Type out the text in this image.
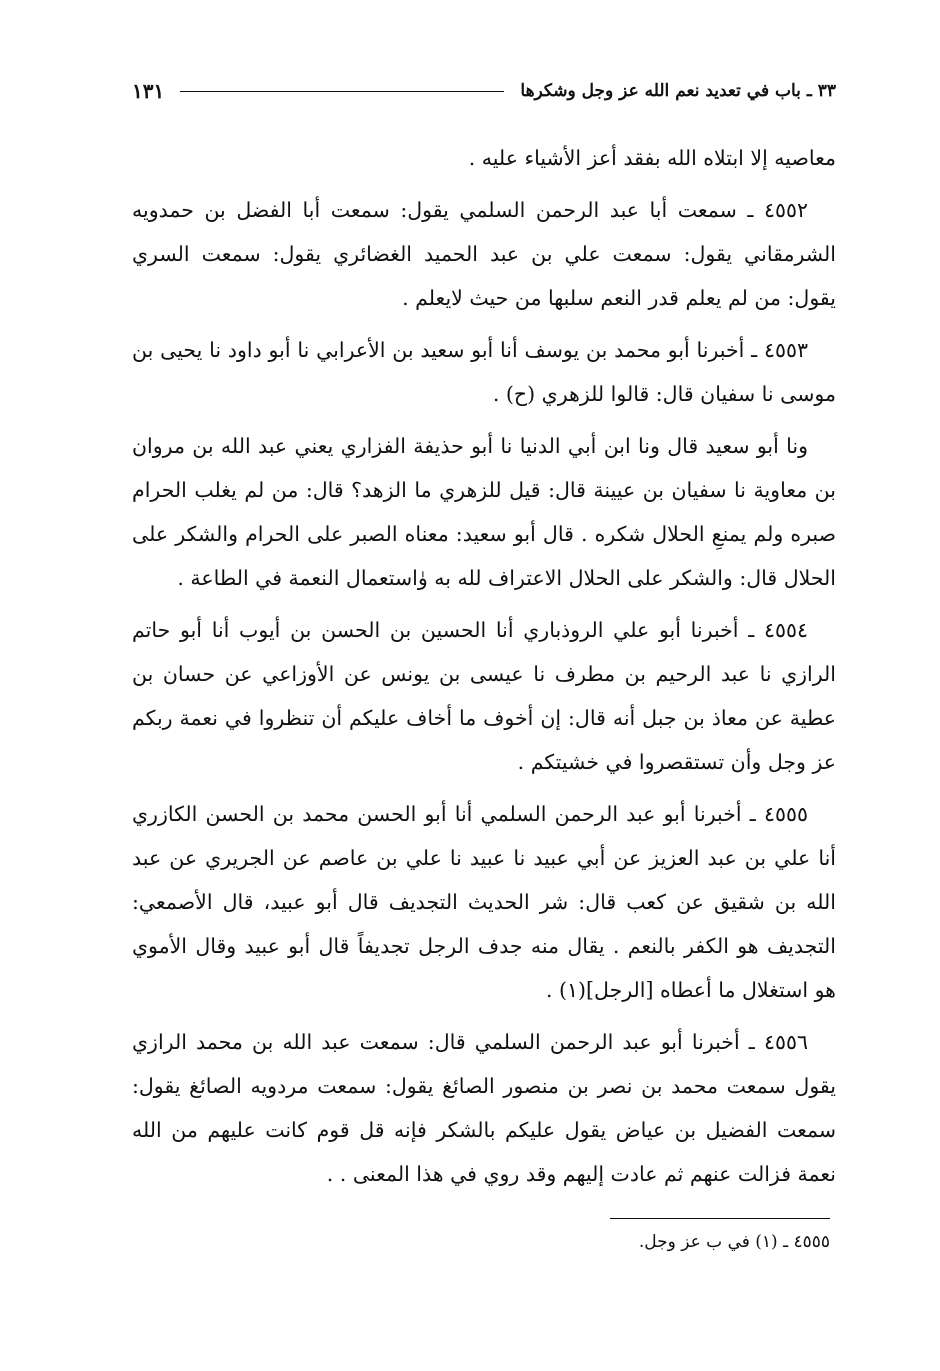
٣٣ ـ باب في تعديد نعم الله عز وجل وشكرها
١٣١

معاصيه إلا ابتلاه الله بفقد أعز الأشياء عليه .

٤٥٥٢ ـ سمعت أبا عبد الرحمن السلمي يقول: سمعت أبا الفضل بن حمدويه الشرمقاني يقول: سمعت علي بن عبد الحميد الغضائري يقول: سمعت السري يقول: من لم يعلم قدر النعم سلبها من حيث لايعلم .

٤٥٥٣ ـ أخبرنا أبو محمد بن يوسف أنا أبو سعيد بن الأعرابي نا أبو داود نا يحيى بن موسى نا سفيان قال: قالوا للزهري (ح) .

ونا أبو سعيد قال ونا ابن أبي الدنيا نا أبو حذيفة الفزاري يعني عبد الله بن مروان بن معاوية نا سفيان بن عيينة قال: قيل للزهري ما الزهد؟ قال: من لم يغلب الحرام صبره ولم يمنعِ الحلال شكره . قال أبو سعيد: معناه الصبر على الحرام والشكر على الحلال قال: والشكر على الحلال الاعتراف لله به وٰاستعمال النعمة في الطاعة .

٤٥٥٤ ـ أخبرنا أبو علي الروذباري أنا الحسين بن الحسن بن أيوب أنا أبو حاتم الرازي نا عبد الرحيم بن مطرف نا عيسى بن يونس عن الأوزاعي عن حسان بن عطية عن معاذ بن جبل أنه قال: إن أخوف ما أخاف عليكم أن تنظروا في نعمة ربكم عز وجل وأن تستقصروا في خشيتكم .

٤٥٥٥ ـ أخبرنا أبو عبد الرحمن السلمي أنا أبو الحسن محمد بن الحسن الكازري أنا علي بن عبد العزيز عن أبي عبيد نا عبيد نا علي بن عاصم عن الجريري عن عبد الله بن شقيق عن كعب قال: شر الحديث التجديف قال أبو عبيد، قال الأصمعي: التجديف هو الكفر بالنعم . يقال منه جدف الرجل تجديفاً قال أبو عبيد وقال الأموي هو استغلال ما أعطاه [الرجل](١) .

٤٥٥٦ ـ أخبرنا أبو عبد الرحمن السلمي قال: سمعت عبد الله بن محمد الرازي يقول سمعت محمد بن نصر بن منصور الصائغ يقول: سمعت مردويه الصائغ يقول: سمعت الفضيل بن عياض يقول عليكم بالشكر فإنه قل قوم كانت عليهم من الله نعمة فزالت عنهم ثم عادت إليهم وقد روي في هذا المعنى . .

٤٥٥٥ ـ (١) في ب عز وجل.
